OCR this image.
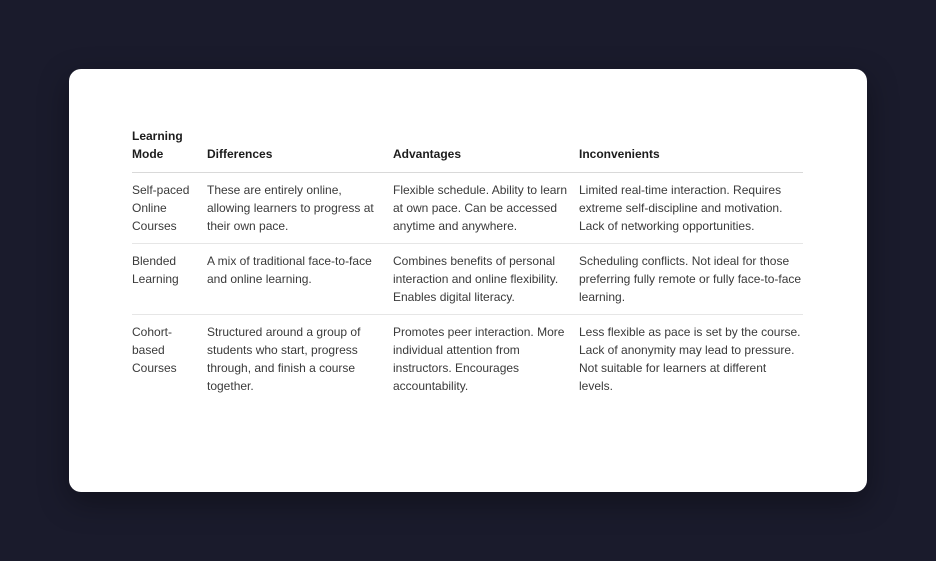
Learning Mode	Differences	Advantages	Inconvenients
Self-paced Online Courses	These are entirely online, allowing learners to progress at their own pace.	Flexible schedule. Ability to learn at own pace. Can be accessed anytime and anywhere.	Limited real-time interaction. Requires extreme self-discipline and motivation. Lack of networking opportunities.
Blended Learning	A mix of traditional face-to-face and online learning.	Combines benefits of personal interaction and online flexibility. Enables digital literacy.	Scheduling conflicts. Not ideal for those preferring fully remote or fully face-to-face learning.
Cohort-based Courses	Structured around a group of students who start, progress through, and finish a course together.	Promotes peer interaction. More individual attention from instructors. Encourages accountability.	Less flexible as pace is set by the course. Lack of anonymity may lead to pressure. Not suitable for learners at different levels.
